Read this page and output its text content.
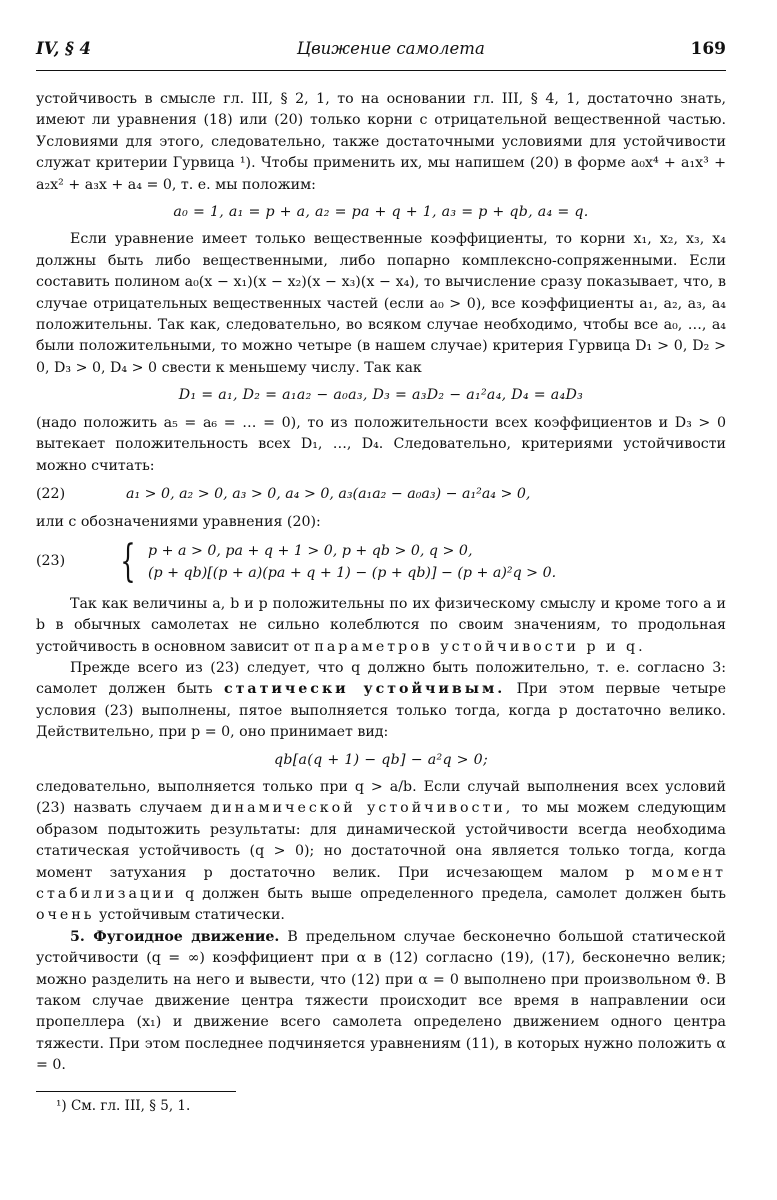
IV, § 4	Цвижение самолета	169

устойчивость в смысле гл. III, § 2, 1, то на основании гл. III, § 4, 1, достаточно знать, имеют ли уравнения (18) или (20) только корни с отрицательной вещественной частью. Условиями для этого, следовательно, также достаточными условиями для устойчивости служат критерии Гурвица ¹). Чтобы применить их, мы напишем (20) в форме a₀x⁴ + a₁x³ + a₂x² + a₃x + a₄ = 0, т. е. мы положим:

a₀ = 1, a₁ = p + a, a₂ = pa + q + 1, a₃ = p + qb, a₄ = q.

Если уравнение имеет только вещественные коэффициенты, то корни x₁, x₂, x₃, x₄ должны быть либо вещественными, либо попарно комплексно-сопряженными. Если составить полином a₀(x − x₁)(x − x₂)(x − x₃)(x − x₄), то вычисление сразу показывает, что, в случае отрицательных вещественных частей (если a₀ > 0), все коэффициенты a₁, a₂, a₃, a₄ положительны. Так как, следовательно, во всяком случае необходимо, чтобы все a₀, …, a₄ были положительными, то можно четыре (в нашем случае) критерия Гурвица D₁ > 0, D₂ > 0, D₃ > 0, D₄ > 0 свести к меньшему числу. Так как

D₁ = a₁, D₂ = a₁a₂ − a₀a₃, D₃ = a₃D₂ − a₁²a₄, D₄ = a₄D₃

(надо положить a₅ = a₆ = … = 0), то из положительности всех коэффициентов и D₃ > 0 вытекает положительность всех D₁, …, D₄. Следовательно, критериями устойчивости можно считать:

(22)	a₁ > 0, a₂ > 0, a₃ > 0, a₄ > 0, a₃(a₁a₂ − a₀a₃) − a₁²a₄ > 0,

или с обозначениями уравнения (20):

(23)	{ p + a > 0, pa + q + 1 > 0, p + qb > 0, q > 0,
(p + qb)[(p + a)(pa + q + 1) − (p + qb)] − (p + a)²q > 0.

Так как величины a, b и p положительны по их физическому смыслу и кроме того a и b в обычных самолетах не сильно колеблются по своим значениям, то продольная устойчивость в основном зависит от параметров устойчивости p и q.

Прежде всего из (23) следует, что q должно быть положительно, т. е. согласно 3: самолет должен быть статически устойчивым. При этом первые четыре условия (23) выполнены, пятое выполняется только тогда, когда p достаточно велико. Действительно, при p = 0, оно принимает вид:

qb[a(q + 1) − qb] − a²q > 0;

следовательно, выполняется только при q > a/b. Если случай выполнения всех условий (23) назвать случаем динамической устойчивости, то мы можем следующим образом подытожить результаты: для динамической устойчивости всегда необходима статическая устойчивость (q > 0); но достаточной она является только тогда, когда момент затухания p достаточно велик. При исчезающем малом p момент стабилизации q должен быть выше определенного предела, самолет должен быть очень устойчивым статически.

5. Фугоидное движение. В предельном случае бесконечно большой статической устойчивости (q = ∞) коэффициент при α в (12) согласно (19), (17), бесконечно велик; можно разделить на него и вывести, что (12) при α = 0 выполнено при произвольном ϑ. В таком случае движение центра тяжести происходит все время в направлении оси пропеллера (x₁) и движение всего самолета определено движением одного центра тяжести. При этом последнее подчиняется уравнениям (11), в которых нужно положить α = 0.

¹) См. гл. III, § 5, 1.
